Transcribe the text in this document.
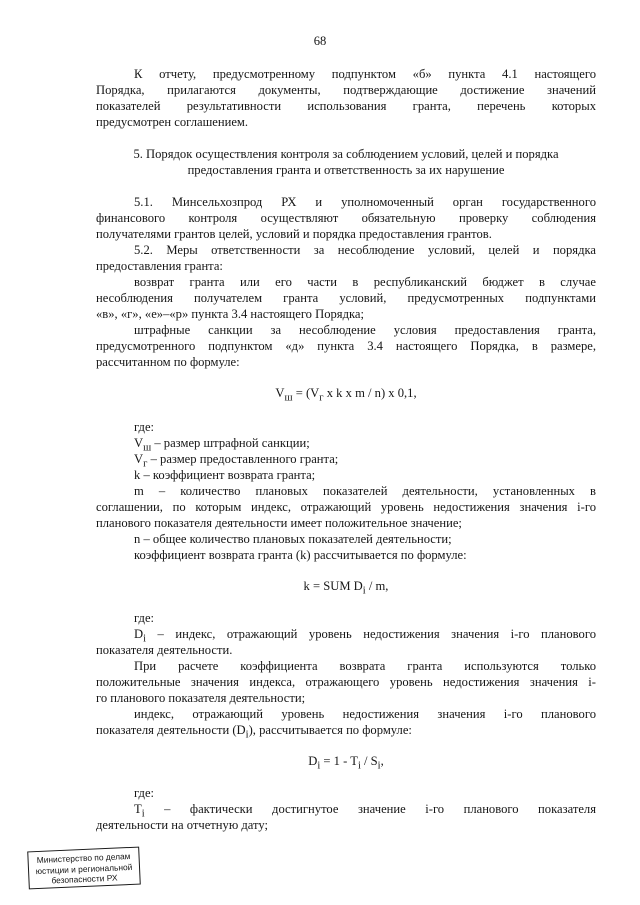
68
К отчету, предусмотренному подпунктом «б» пункта 4.1 настоящего
Порядка, прилагаются документы, подтверждающие достижение значений
показателей результативности использования гранта, перечень которых
предусмотрен соглашением.
5. Порядок осуществления контроля за соблюдением условий, целей и порядка
предоставления гранта и ответственность за их нарушение
5.1. Минсельхозпрод РХ и уполномоченный орган государственного
финансового контроля осуществляют обязательную проверку соблюдения
получателями грантов целей, условий и порядка предоставления грантов.
5.2. Меры ответственности за несоблюдение условий, целей и порядка
предоставления гранта:
возврат гранта или его части в республиканский бюджет в случае
несоблюдения получателем гранта условий, предусмотренных подпунктами
«в», «г», «е»–«р» пункта 3.4 настоящего Порядка;
штрафные санкции за несоблюдение условия предоставления гранта,
предусмотренного подпунктом «д» пункта 3.4 настоящего Порядка, в размере,
рассчитанном по формуле:
$V_ш = (V_г$ x k x m / n) x 0,1,
где:
$V_ш$ – размер штрафной санкции;
$V_г$ – размер предоставленного гранта;
k – коэффициент возврата гранта;
m – количество плановых показателей деятельности, установленных в
соглашении, по которым индекс, отражающий уровень недостижения значения i-го
планового показателя деятельности имеет положительное значение;
n – общее количество плановых показателей деятельности;
коэффициент возврата гранта (k) рассчитывается по формуле:
k = SUM $D_i$ / m,
где:
$D_i$ – индекс, отражающий уровень недостижения значения i-го планового
показателя деятельности.
При расчете коэффициента возврата гранта используются только
положительные значения индекса, отражающего уровень недостижения значения i-
го планового показателя деятельности;
индекс, отражающий уровень недостижения значения i-го планового
показателя деятельности $(D_i)$, рассчитывается по формуле:
$D_i = 1 - T_i / S_i$,
где:
$T_i$ – фактически достигнутое значение i-го планового показателя
деятельности на отчетную дату;
Министерство по делам
юстиции и региональной
безопасности РХ
